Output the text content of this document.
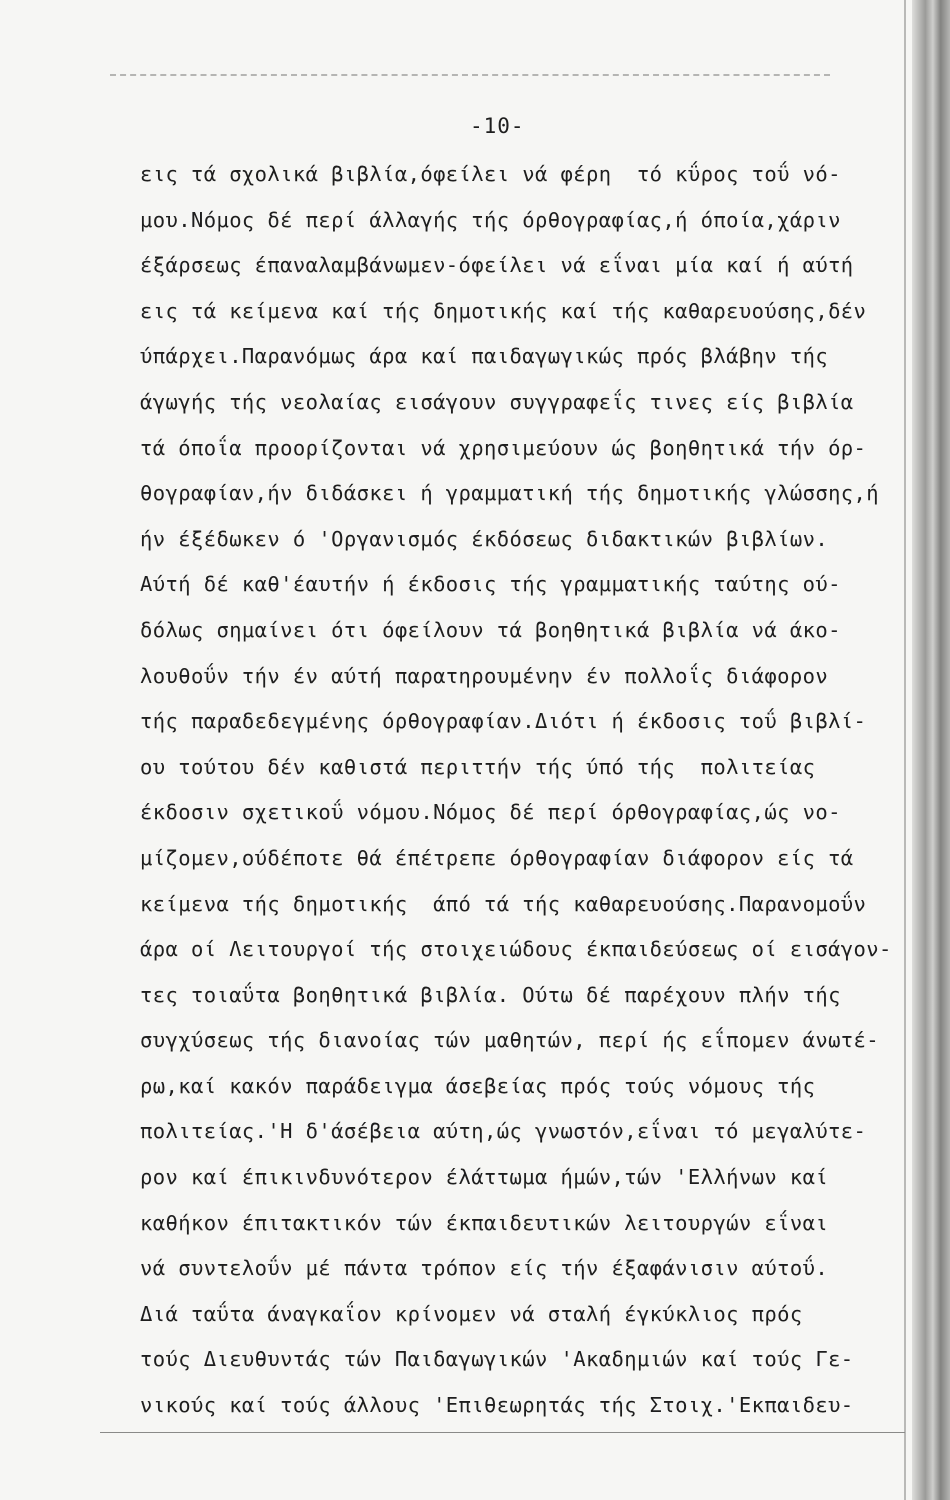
-10-
εις τά σχολικά βιβλία,όφείλει νά φέρη  τό κΰρος τοΰ νό-
μου.Νόμος δέ περί άλλαγής τής όρθογραφίας,ή όποία,χάριν
έξάρσεως έπαναλαμβάνωμεν-όφείλει νά εΐναι μία καί ή αύτή
εις τά κείμενα καί τής δημοτικής καί τής καθαρευούσης,δέν
ύπάρχει.Παρανόμως άρα καί παιδαγωγικώς πρός βλάβην τής
άγωγής τής νεολαίας εισάγουν συγγραφεΐς τινες είς βιβλία
τά όποΐα προορίζονται νά χρησιμεύουν ώς βοηθητικά τήν όρ-
θογραφίαν,ήν διδάσκει ή γραμματική τής δημοτικής γλώσσης,ή
ήν έξέδωκεν ό 'Οργανισμός έκδόσεως διδακτικών βιβλίων.
Αύτή δέ καθ'έαυτήν ή έκδοσις τής γραμματικής ταύτης ού-
δόλως σημαίνει ότι όφείλουν τά βοηθητικά βιβλία νά άκο-
λουθοΰν τήν έν αύτή παρατηρουμένην έν πολλοΐς διάφορον
τής παραδεδεγμένης όρθογραφίαν.Διότι ή έκδοσις τοΰ βιβλί-
ου τούτου δέν καθιστά περιττήν τής ύπό τής  πολιτείας
έκδοσιν σχετικοΰ νόμου.Νόμος δέ περί όρθογραφίας,ώς νο-
μίζομεν,ούδέποτε θά έπέτρεπε όρθογραφίαν διάφορον είς τά
κείμενα τής δημοτικής  άπό τά τής καθαρευούσης.Παρανομοΰν
άρα οί Λειτουργοί τής στοιχειώδους έκπαιδεύσεως οί εισάγον-
τες τοιαΰτα βοηθητικά βιβλία. Ούτω δέ παρέχουν πλήν τής
συγχύσεως τής διανοίας τών μαθητών, περί ής εΐπομεν άνωτέ-
ρω,καί κακόν παράδειγμα άσεβείας πρός τούς νόμους τής
πολιτείας.'Η δ'άσέβεια αύτη,ώς γνωστόν,εΐναι τό μεγαλύτε-
ρον καί έπικινδυνότερον έλάττωμα ήμών,τών 'Ελλήνων καί
καθήκον έπιτακτικόν τών έκπαιδευτικών λειτουργών εΐναι
νά συντελοΰν μέ πάντα τρόπον είς τήν έξαφάνισιν αύτοΰ.
Διά ταΰτα άναγκαΐον κρίνομεν νά σταλή έγκύκλιος πρός
τούς Διευθυντάς τών Παιδαγωγικών 'Ακαδημιών καί τούς Γε-
νικούς καί τούς άλλους 'Επιθεωρητάς τής Στοιχ.'Εκπαιδευ-
